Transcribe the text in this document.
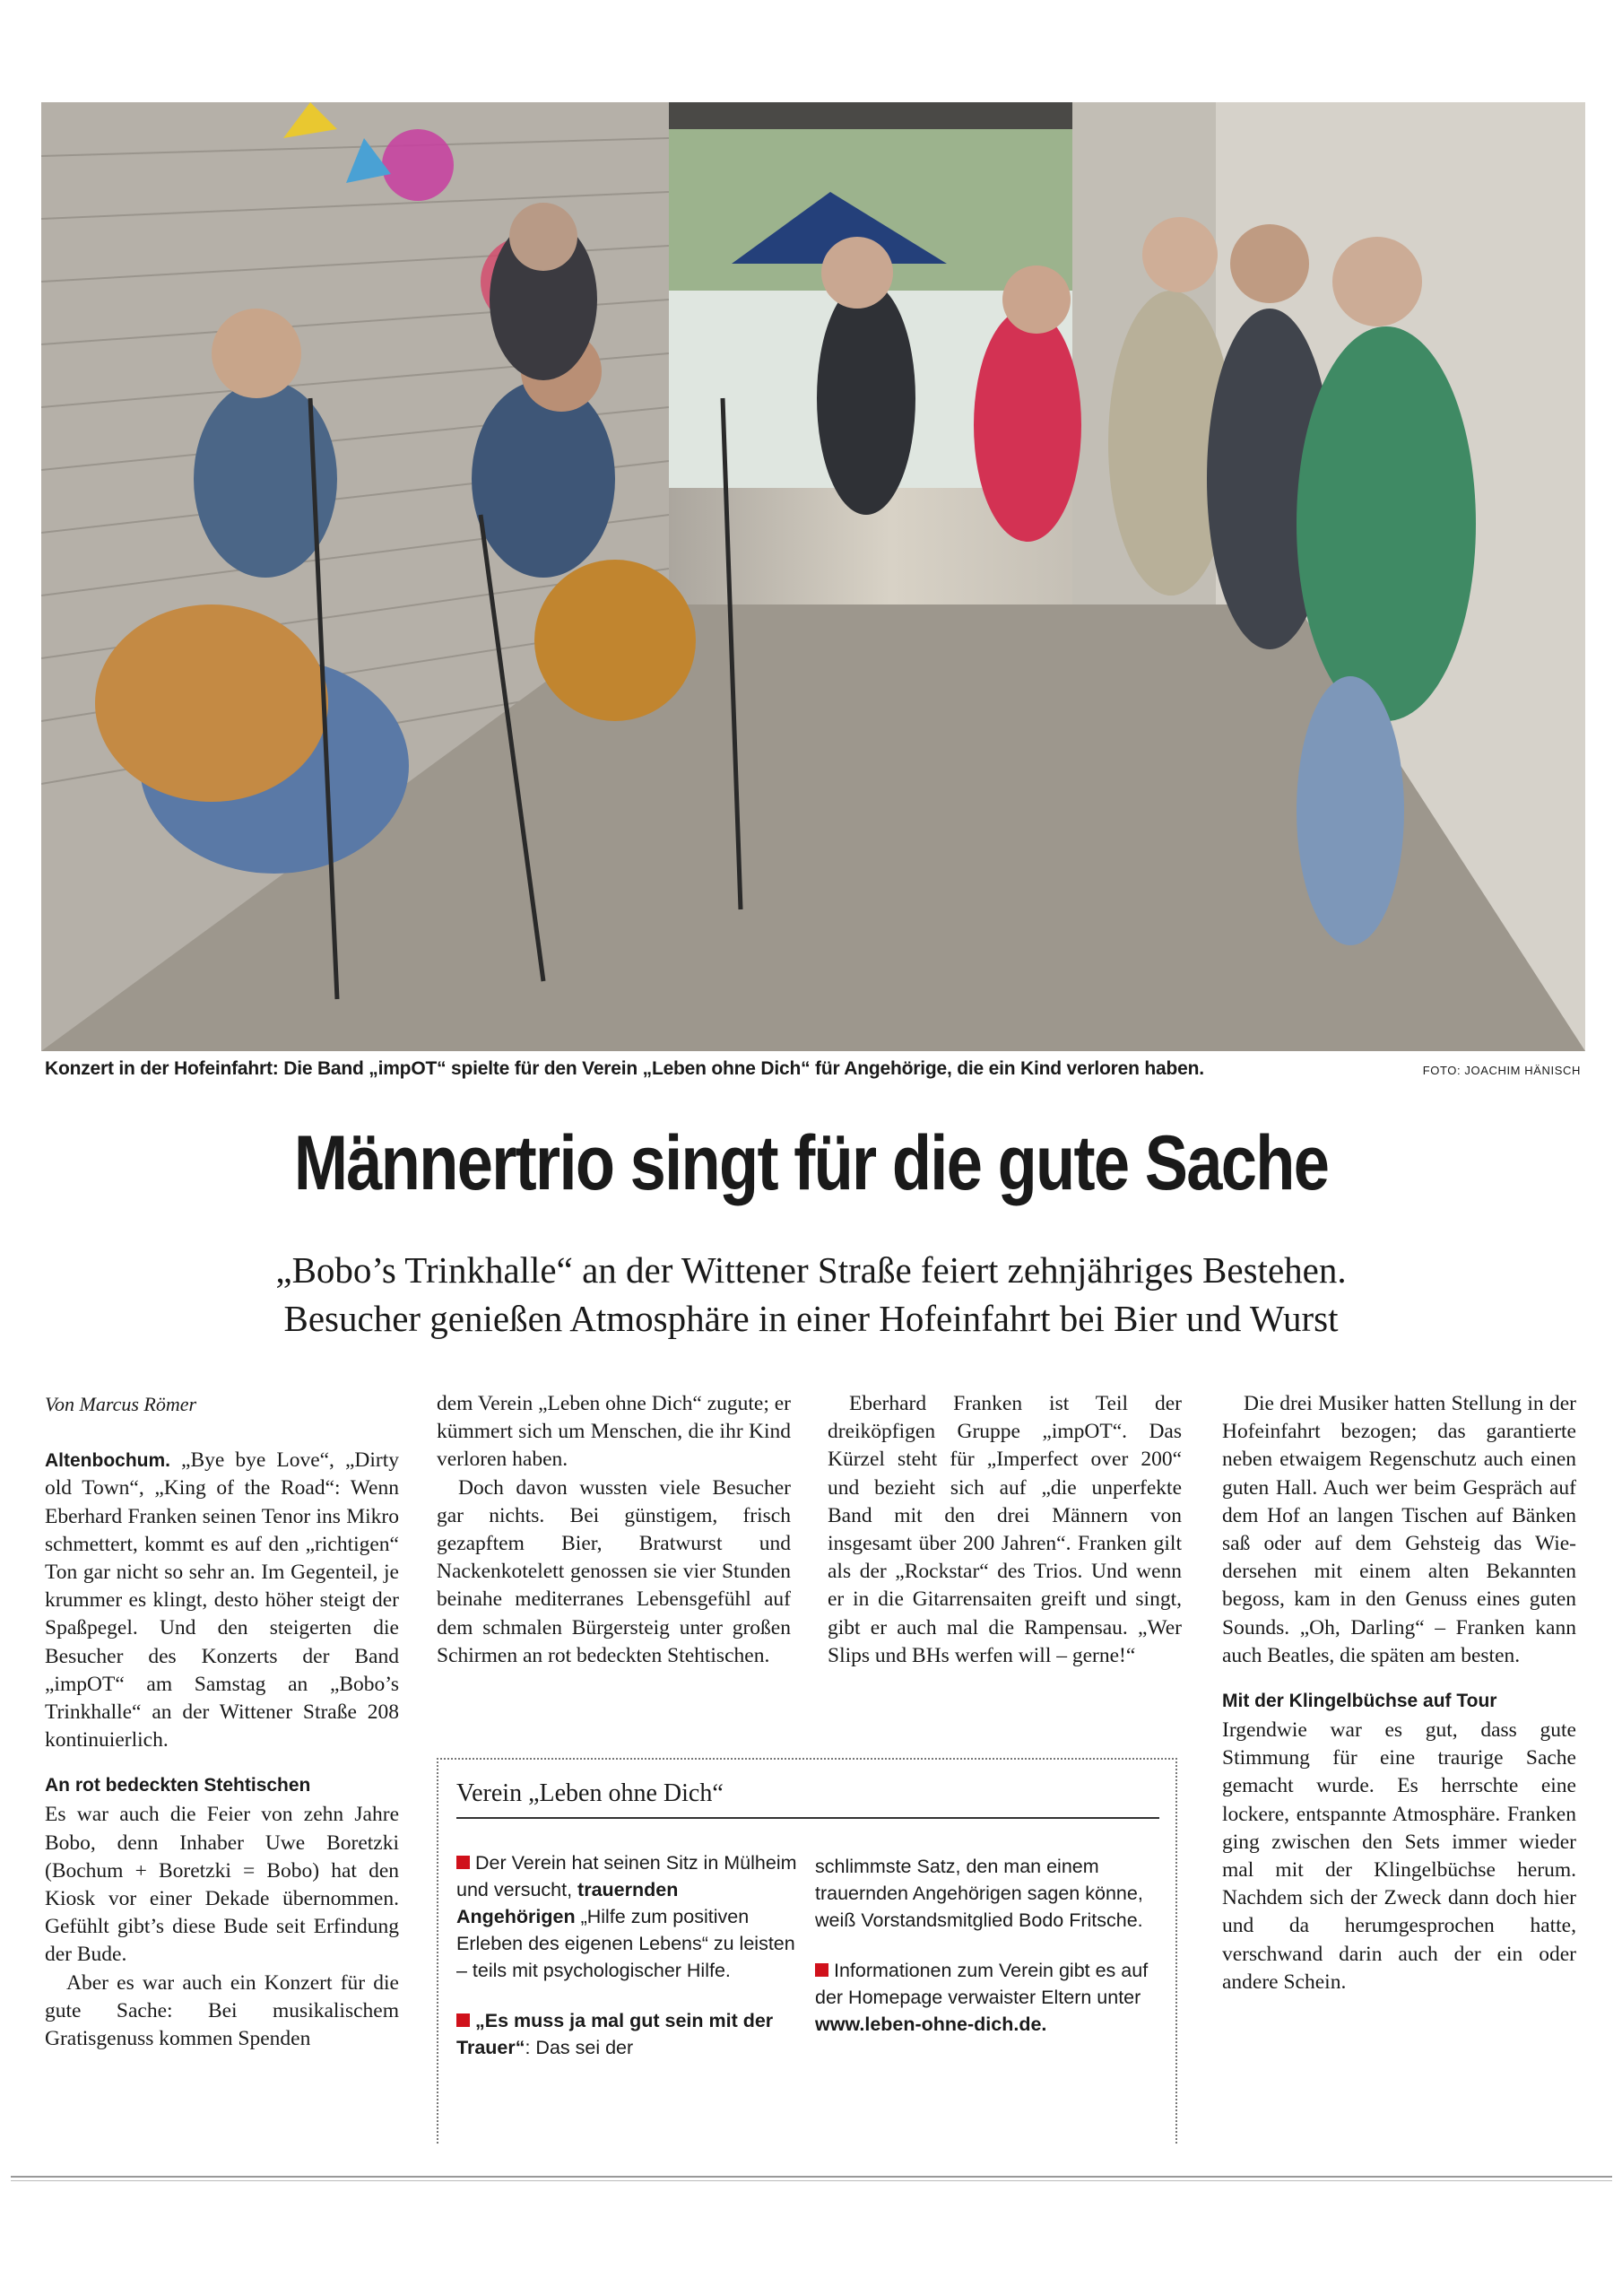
Konzert in der Hofeinfahrt: Die Band „impOT“ spielte für den Verein „Leben ohne Dich“ für Angehörige, die ein Kind verloren haben.	FOTO: JOACHIM HÄNISCH
Männertrio singt für die gute Sache

„Bobo’s Trinkhalle“ an der Wittener Straße feiert zehnjähriges Bestehen.

Besucher genießen Atmosphäre in einer Hofeinfahrt bei Bier und Wurst

Von Marcus Römer

Altenbochum. „Bye bye Love“, „Dirty old Town“, „King of the Road“: Wenn Eberhard Franken seinen Tenor ins Mikro schmettert, kommt es auf den „richtigen“ Ton gar nicht so sehr an. Im Gegenteil, je krummer es klingt, desto höher steigt der Spaßpegel. Und den steigerten die Besucher des Konzerts der Band „impOT“ am Samstag an „Bobo’s Trinkhalle“ an der Wittener Straße 208 kontinuierlich.

An rot bedeckten Stehtischen

Es war auch die Feier von zehn Jahre Bobo, denn Inhaber Uwe Boretzki (Bochum + Boretzki = Bobo) hat den Kiosk vor einer Dekade übernommen. Gefühlt gibt’s diese Bude seit Erfindung der Bude.

Aber es war auch ein Konzert für die gute Sache: Bei musikalischem Gratisgenuss kommen Spenden

dem Verein „Leben ohne Dich“ zugute; er kümmert sich um Menschen, die ihr Kind verloren haben.

Doch davon wussten viele Besucher gar nichts. Bei günstigem, frisch gezapftem Bier, Bratwurst und Nackenkotelett genossen sie vier Stunden beinahe mediterranes Lebensgefühl auf dem schmalen Bürgersteig unter großen Schirmen an rot bedeckten Stehtischen.

Eberhard Franken ist Teil der dreiköpfigen Gruppe „impOT“. Das Kürzel steht für „Imperfect over 200“ und bezieht sich auf „die unperfekte Band mit den drei Männern von insgesamt über 200 Jahren“. Franken gilt als der „Rockstar“ des Trios. Und wenn er in die Gitarrensaiten greift und singt, gibt er auch mal die Rampensau. „Wer Slips und BHs werfen will – gerne!“

Die drei Musiker hatten Stellung in der Hofeinfahrt bezogen; das garantierte neben etwaigem Regenschutz auch einen guten Hall. Auch wer beim Gespräch auf dem Hof an langen Tischen auf Bänken saß oder auf dem Gehsteig das Wiedersehen mit einem alten Bekannten begoss, kam in den Genuss eines guten Sounds. „Oh, Darling“ – Franken kann auch Beatles, die späten am besten.

Mit der Klingelbüchse auf Tour

Irgendwie war es gut, dass gute Stimmung für eine traurige Sache gemacht wurde. Es herrschte eine lockere, entspannte Atmosphäre. Franken ging zwischen den Sets immer wieder mal mit der Klingelbüchse herum. Nachdem sich der Zweck dann doch hier und da herumgesprochen hatte, verschwand darin auch der ein oder andere Schein.

Verein „Leben ohne Dich“

Der Verein hat seinen Sitz in Mülheim und versucht, trauernden Angehörigen „Hilfe zum positiven Erleben des eigenen Lebens“ zu leisten – teils mit psychologischer Hilfe.

„Es muss ja mal gut sein mit der Trauer“: Das sei der

schlimmste Satz, den man einem trauernden Angehörigen sagen könne, weiß Vorstandsmitglied Bodo Fritsche.

Informationen zum Verein gibt es auf der Homepage verwaister Eltern unter www.leben-ohne-dich.de.
